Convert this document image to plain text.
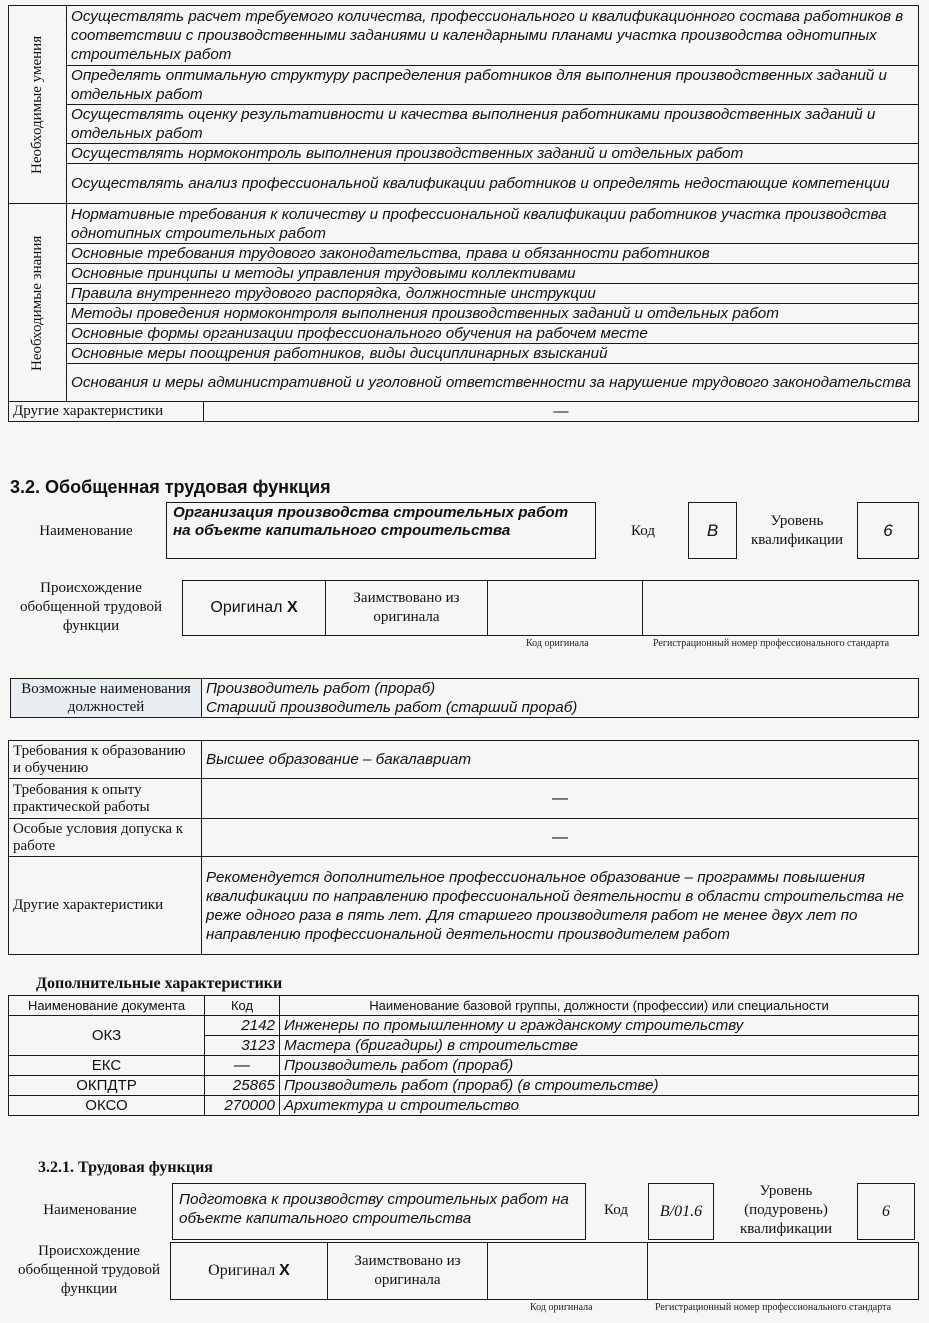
Необходимые умения	Осуществлять расчет требуемого количества, профессионального и квалификационного состава работников в соответствии с производственными заданиями и календарными планами участка производства однотипных строительных работ	
	Определять оптимальную структуру распределения работников для выполнения производственных заданий и отдельных работ	
	Осуществлять оценку результативности и качества выполнения работниками производственных заданий и отдельных работ	
	Осуществлять нормоконтроль выполнения производственных заданий и отдельных работ	
	Осуществлять анализ профессиональной квалификации работников и определять недостающие компетенции	

Необходимые знания	Нормативные требования к количеству и профессиональной квалификации работников участка производства однотипных строительных работ	
	Основные требования трудового законодательства, права и обязанности работников	
	Основные принципы и методы управления трудовыми коллективами	
	Правила внутреннего трудового распорядка, должностные инструкции	
	Методы проведения нормоконтроля выполнения производственных заданий и отдельных работ	
	Основные формы организации профессионального обучения на рабочем месте	
	Основные меры поощрения работников, виды дисциплинарных взысканий	
	Основания и меры административной и уголовной ответственности за нарушение трудового законодательства	
Другие характеристики		—
3.2. Обобщенная трудовая функция
Наименование
Организация производства строительных работ на объекте капитального строительства	Код	В	Уровень квалификации	6
Происхождение обобщенной трудовой функции
Оригинал X	Заимствовано из оригинала		
Код оригинала	Регистрационный номер профессионального стандарта
Возможные наименования должностей	
Производитель работ (прораб)
Старший производитель работ (старший прораб)
Требования к образованию и обучению	Высшее образование – бакалавриат
Требования к опыту практической работы	—
Особые условия допуска к работе	—
Другие характеристики	Рекомендуется дополнительное профессиональное образование – программы повышения квалификации по направлению профессиональной деятельности в области строительства не реже одного раза в пять лет. Для старшего производителя работ не менее двух лет по направлению профессиональной деятельности производителем работ
Дополнительные характеристики
Наименование документа	Код	Наименование базовой группы, должности (профессии) или специальности
ОКЗ	2142	Инженеры по промышленному и гражданскому строительству
	3123	Мастера (бригадиры) в строительстве
ЕКС	—	Производитель работ (прораб)
ОКПДТР	25865	Производитель работ (прораб) (в строительстве)
ОКСО	270000	Архитектура и строительство
3.2.1. Трудовая функция
Наименование
Подготовка к производству строительных работ на объекте капитального строительства	Код	В/01.6
Уровень (подуровень) квалификации
6
Происхождение обобщенной трудовой функции
Оригинал X	Заимствовано из оригинала		
Код оригинала	Регистрационный номер профессионального стандарта
